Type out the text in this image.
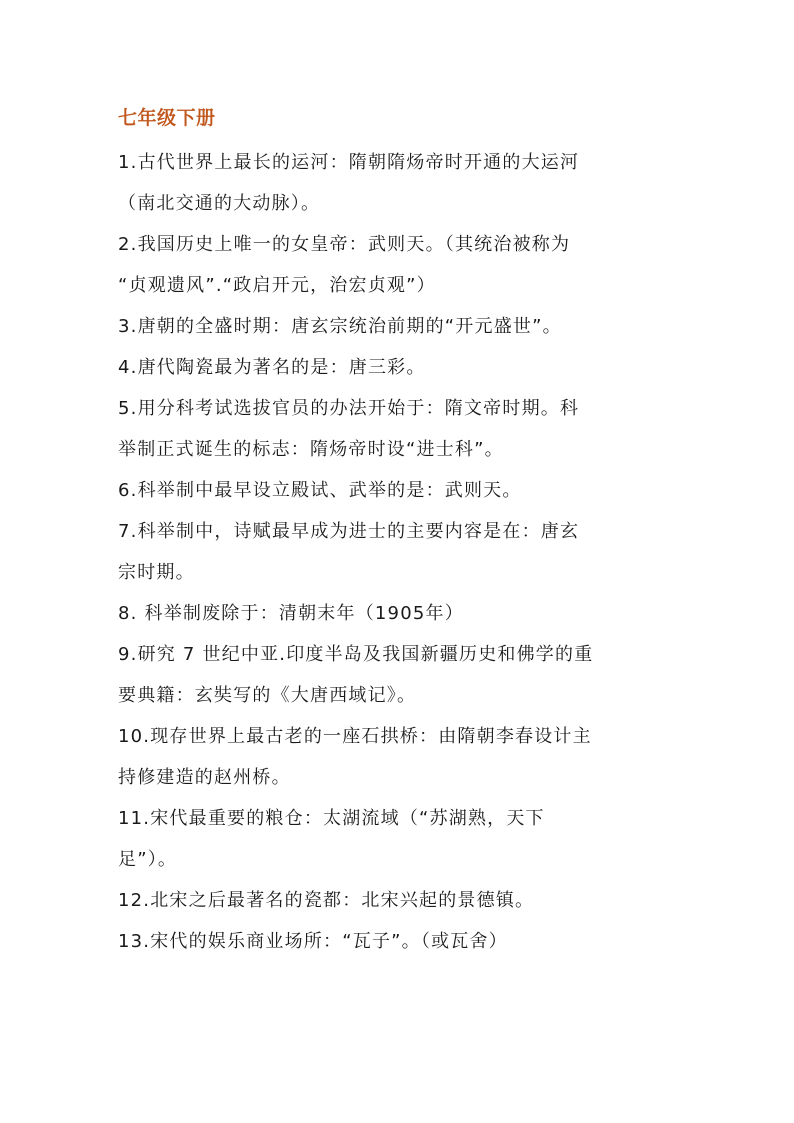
七年级下册
1.古代世界上最长的运河：隋朝隋炀帝时开通的大运河
（南北交通的大动脉）。
2.我国历史上唯一的女皇帝：武则天。（其统治被称为
“贞观遗风”.“政启开元，治宏贞观”）
3.唐朝的全盛时期：唐玄宗统治前期的“开元盛世”。
4.唐代陶瓷最为著名的是：唐三彩。
5.用分科考试选拔官员的办法开始于：隋文帝时期。科
举制正式诞生的标志：隋炀帝时设“进士科”。
6.科举制中最早设立殿试、武举的是：武则天。
7.科举制中，诗赋最早成为进士的主要内容是在：唐玄
宗时期。
8. 科举制废除于：清朝末年（1905年）
9.研究 7 世纪中亚.印度半岛及我国新疆历史和佛学的重
要典籍：玄奘写的《大唐西域记》。
10.现存世界上最古老的一座石拱桥：由隋朝李春设计主
持修建造的赵州桥。
11.宋代最重要的粮仓：太湖流域（“苏湖熟，天下
足”）。
12.北宋之后最著名的瓷都：北宋兴起的景德镇。
13.宋代的娱乐商业场所：“瓦子”。（或瓦舍）
